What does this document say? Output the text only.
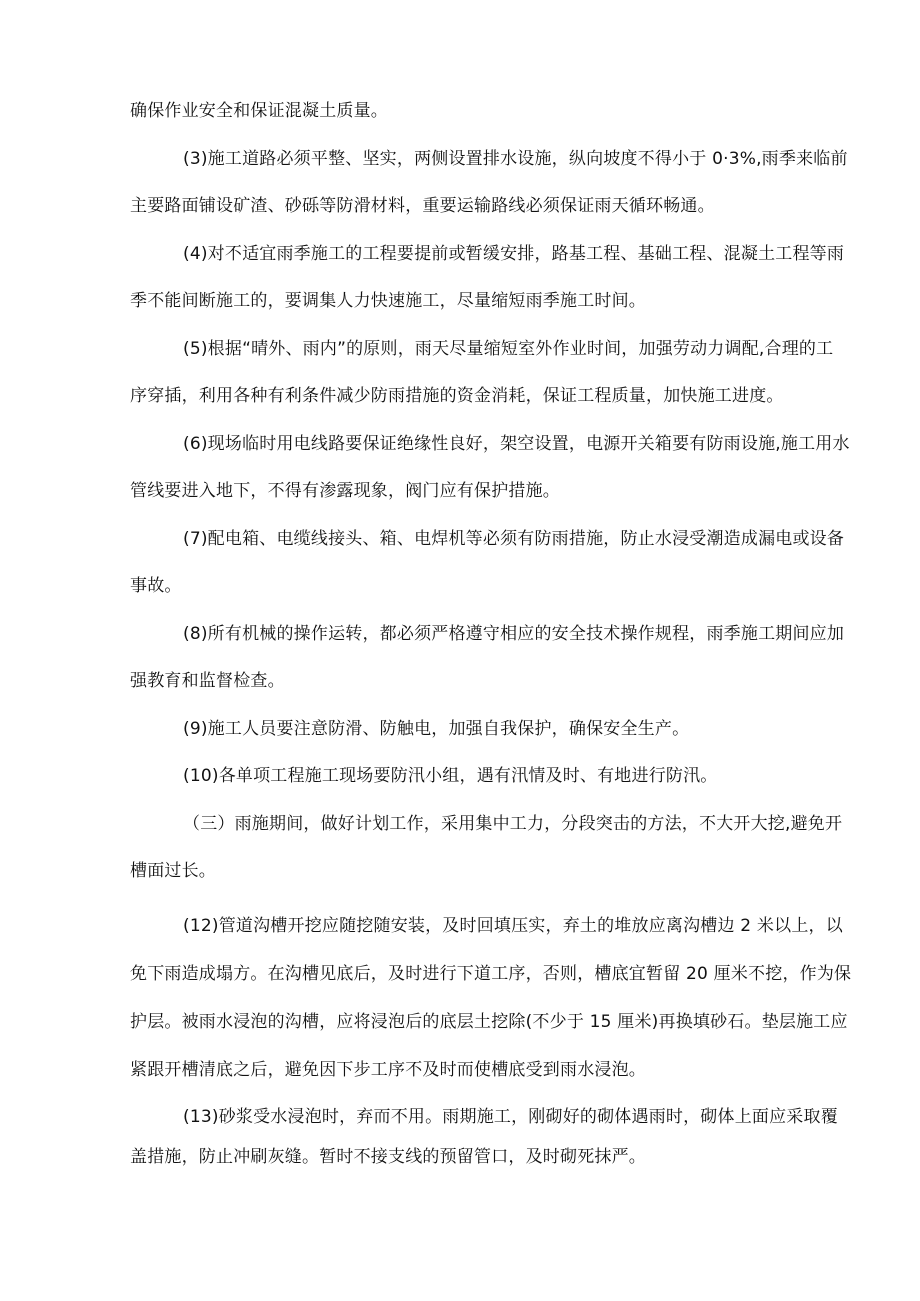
确保作业安全和保证混凝土质量。

(3)施工道路必须平整、坚实，两侧设置排水设施，纵向坡度不得小于 0·3%,雨季来临前

主要路面铺设矿渣、砂砾等防滑材料，重要运输路线必须保证雨天循环畅通。

(4)对不适宜雨季施工的工程要提前或暂缓安排，路基工程、基础工程、混凝土工程等雨

季不能间断施工的，要调集人力快速施工，尽量缩短雨季施工时间。

(5)根据“晴外、雨内”的原则，雨天尽量缩短室外作业时间，加强劳动力调配,合理的工

序穿插，利用各种有利条件减少防雨措施的资金消耗，保证工程质量，加快施工进度。

(6)现场临时用电线路要保证绝缘性良好，架空设置，电源开关箱要有防雨设施,施工用水

管线要进入地下，不得有渗露现象，阀门应有保护措施。

(7)配电箱、电缆线接头、箱、电焊机等必须有防雨措施，防止水浸受潮造成漏电或设备

事故。

(8)所有机械的操作运转，都必须严格遵守相应的安全技术操作规程，雨季施工期间应加

强教育和监督检查。

(9)施工人员要注意防滑、防触电，加强自我保护，确保安全生产。

(10)各单项工程施工现场要防汛小组，遇有汛情及时、有地进行防汛。

（三）雨施期间，做好计划工作，采用集中工力，分段突击的方法，不大开大挖,避免开

槽面过长。

(12)管道沟槽开挖应随挖随安装，及时回填压实，弃土的堆放应离沟槽边 2 米以上，以

免下雨造成塌方。在沟槽见底后，及时进行下道工序，否则，槽底宜暂留 20 厘米不挖，作为保

护层。被雨水浸泡的沟槽，应将浸泡后的底层土挖除(不少于 15 厘米)再换填砂石。垫层施工应

紧跟开槽清底之后，避免因下步工序不及时而使槽底受到雨水浸泡。

(13)砂浆受水浸泡时，弃而不用。雨期施工，刚砌好的砌体遇雨时，砌体上面应采取覆

盖措施，防止冲刷灰缝。暂时不接支线的预留管口，及时砌死抹严。
